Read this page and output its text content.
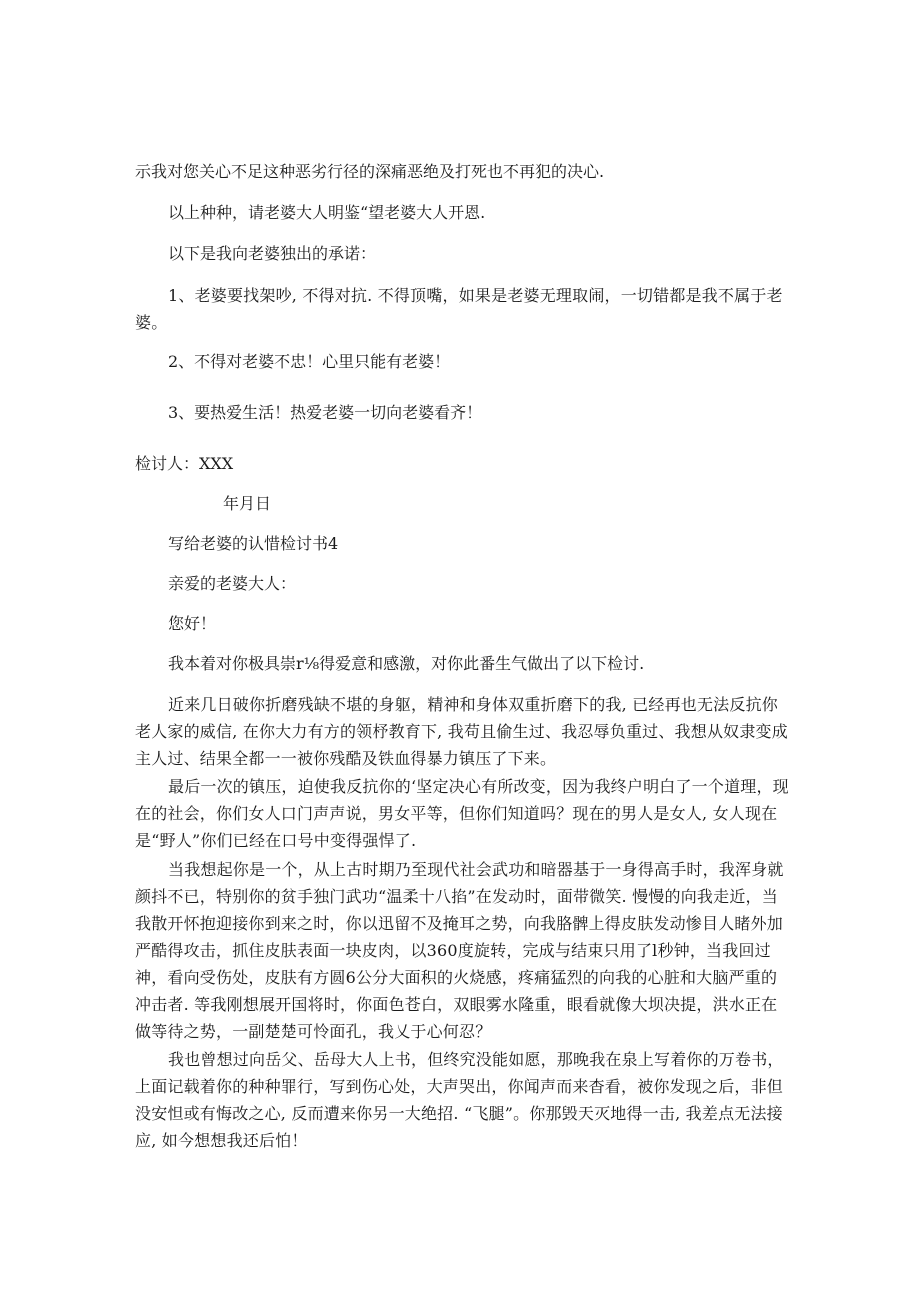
示我对您关心不足这种恶劣行径的深痛恶绝及打死也不再犯的决心.
以上种种，请老婆大人明鉴“望老婆大人开恩.
以下是我向老婆独出的承诺：
1、老婆要找架吵, 不得对抗. 不得顶嘴，如果是老婆无理取闹，一切错都是我不属于老婆。
2、不得对老婆不忠！心里只能有老婆！
3、要热爱生活！热爱老婆一切向老婆看齐！
检讨人：XXX
年月日
写给老婆的认惜检讨书4
亲爱的老婆大人：
您好！
我本着对你极具崇r⅛得爱意和感激，对你此番生气做出了以下检讨.
近来几日破你折磨残缺不堪的身躯，精神和身体双重折磨下的我, 已经再也无法反抗你老人家的威信, 在你大力有方的领杼教育下, 我苟且偷生过、我忍辱负重过、我想从奴隶变成主人过、结果全都一一被你残酷及铁血得暴力镇压了下来。
最后一次的镇压，迫使我反抗你的‘坚定决心有所改变，因为我终户明白了一个道理，现在的社会，你们女人口门声声说，男女平等，但你们知道吗？现在的男人是女人, 女人现在是“野人”你们已经在口号中变得强悍了.
当我想起你是一个，从上古时期乃至现代社会武功和暗器基于一身得高手时，我浑身就颜抖不已，特别你的贫手独门武功“温柔十八掐”在发动时，面带微笑. 慢慢的向我走近，当我散开怀抱迎接你到来之时，你以迅留不及掩耳之势，向我胳髀上得皮肤发动惨目人睹外加严酷得攻击，抓住皮肤表面一块皮肉，以360度旋转，完成与结束只用了l秒钟，当我回过神，看向受伤处，皮肤有方圆6公分大面积的火烧感，疼痛猛烈的向我的心脏和大脑严重的冲击者. 等我刚想展开国将时，你面色苍白，双眼雾水隆重，眼看就像大坝决提，洪水正在做等待之势，一副楚楚可怜面孔，我乂于心何忍？
我也曾想过向岳父、岳母大人上书，但终究没能如愿，那晚我在泉上写着你的万卷书，上面记载着你的种种罪行，写到伤心处，大声哭出，你闻声而来杳看，被你发现之后，非但没安怛或有悔改之心, 反而遭来你另一大绝招. “飞腿”。你那毁天灭地得一击, 我差点无法接应, 如今想想我还后怕！
